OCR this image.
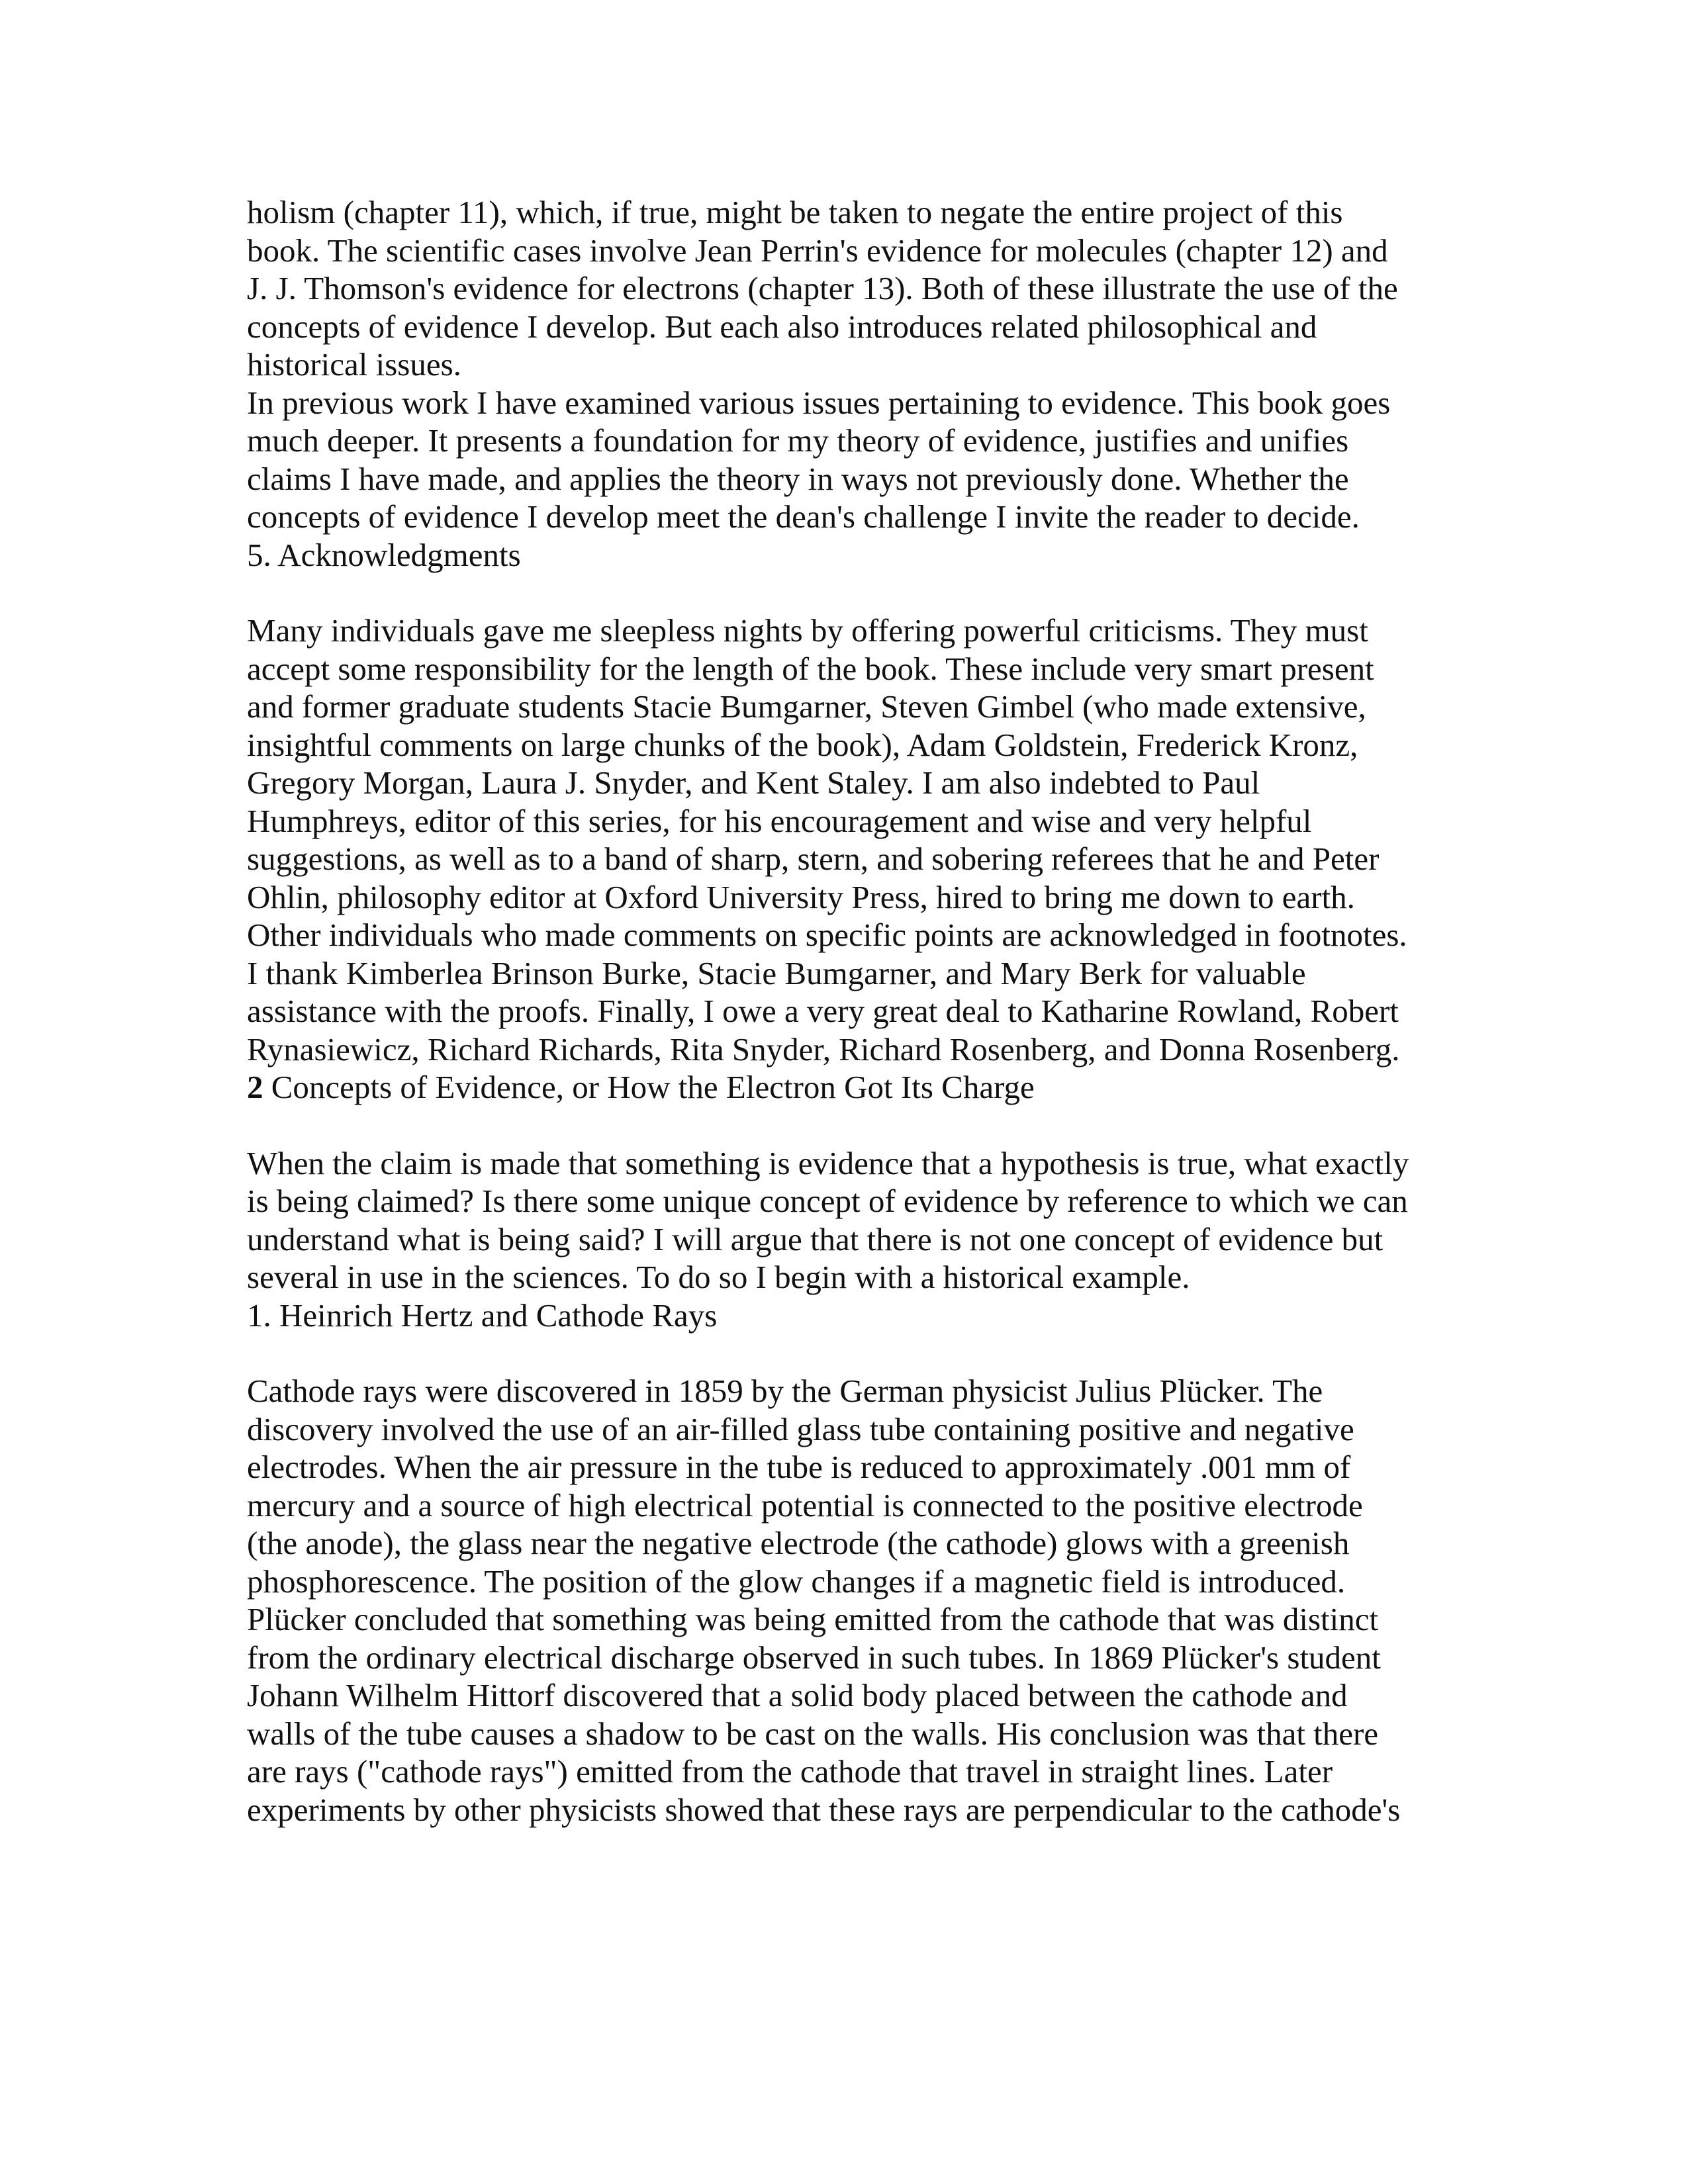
holism (chapter 11), which, if true, might be taken to negate the entire project of this
book. The scientific cases involve Jean Perrin's evidence for molecules (chapter 12) and
J. J. Thomson's evidence for electrons (chapter 13). Both of these illustrate the use of the
concepts of evidence I develop. But each also introduces related philosophical and
historical issues.

In previous work I have examined various issues pertaining to evidence. This book goes
much deeper. It presents a foundation for my theory of evidence, justifies and unifies
claims I have made, and applies the theory in ways not previously done. Whether the
concepts of evidence I develop meet the dean's challenge I invite the reader to decide.

5. Acknowledgments

Many individuals gave me sleepless nights by offering powerful criticisms. They must
accept some responsibility for the length of the book. These include very smart present
and former graduate students Stacie Bumgarner, Steven Gimbel (who made extensive,
insightful comments on large chunks of the book), Adam Goldstein, Frederick Kronz,
Gregory Morgan, Laura J. Snyder, and Kent Staley. I am also indebted to Paul
Humphreys, editor of this series, for his encouragement and wise and very helpful
suggestions, as well as to a band of sharp, stern, and sobering referees that he and Peter
Ohlin, philosophy editor at Oxford University Press, hired to bring me down to earth.
Other individuals who made comments on specific points are acknowledged in footnotes.
I thank Kimberlea Brinson Burke, Stacie Bumgarner, and Mary Berk for valuable
assistance with the proofs. Finally, I owe a very great deal to Katharine Rowland, Robert
Rynasiewicz, Richard Richards, Rita Snyder, Richard Rosenberg, and Donna Rosenberg.

2 Concepts of Evidence, or How the Electron Got Its Charge

When the claim is made that something is evidence that a hypothesis is true, what exactly
is being claimed? Is there some unique concept of evidence by reference to which we can
understand what is being said? I will argue that there is not one concept of evidence but
several in use in the sciences. To do so I begin with a historical example.

1. Heinrich Hertz and Cathode Rays

Cathode rays were discovered in 1859 by the German physicist Julius Plücker. The
discovery involved the use of an air-filled glass tube containing positive and negative
electrodes. When the air pressure in the tube is reduced to approximately .001 mm of
mercury and a source of high electrical potential is connected to the positive electrode
(the anode), the glass near the negative electrode (the cathode) glows with a greenish
phosphorescence. The position of the glow changes if a magnetic field is introduced.
Plücker concluded that something was being emitted from the cathode that was distinct
from the ordinary electrical discharge observed in such tubes. In 1869 Plücker's student
Johann Wilhelm Hittorf discovered that a solid body placed between the cathode and
walls of the tube causes a shadow to be cast on the walls. His conclusion was that there
are rays ("cathode rays") emitted from the cathode that travel in straight lines. Later
experiments by other physicists showed that these rays are perpendicular to the cathode's
